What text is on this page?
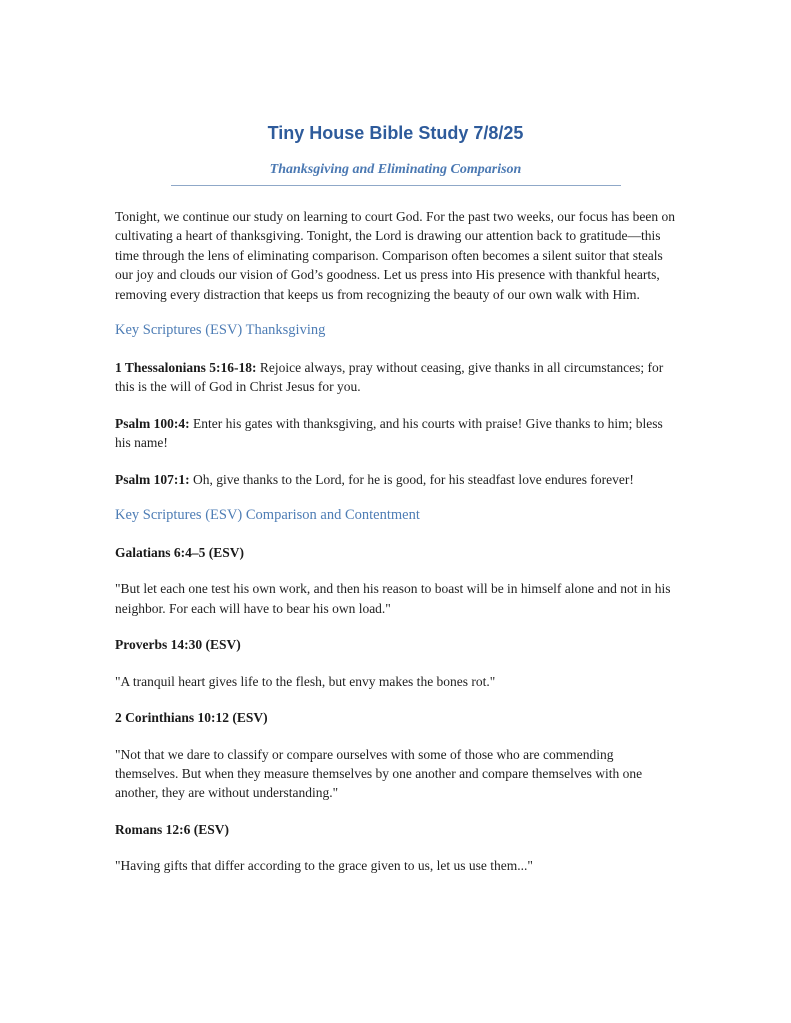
Tiny House Bible Study 7/8/25
Thanksgiving and Eliminating Comparison

Tonight, we continue our study on learning to court God. For the past two weeks, our focus has been on cultivating a heart of thanksgiving. Tonight, the Lord is drawing our attention back to gratitude—this time through the lens of eliminating comparison. Comparison often becomes a silent suitor that steals our joy and clouds our vision of God’s goodness. Let us press into His presence with thankful hearts, removing every distraction that keeps us from recognizing the beauty of our own walk with Him.

Key Scriptures (ESV) Thanksgiving

1 Thessalonians 5:16-18: Rejoice always, pray without ceasing, give thanks in all circumstances; for this is the will of God in Christ Jesus for you.

Psalm 100:4: Enter his gates with thanksgiving, and his courts with praise! Give thanks to him; bless his name!

Psalm 107:1: Oh, give thanks to the Lord, for he is good, for his steadfast love endures forever!

Key Scriptures (ESV) Comparison and Contentment

Galatians 6:4–5 (ESV)

"But let each one test his own work, and then his reason to boast will be in himself alone and not in his neighbor. For each will have to bear his own load."

Proverbs 14:30 (ESV)

"A tranquil heart gives life to the flesh, but envy makes the bones rot."

2 Corinthians 10:12 (ESV)

"Not that we dare to classify or compare ourselves with some of those who are commending themselves. But when they measure themselves by one another and compare themselves with one another, they are without understanding."

Romans 12:6 (ESV)

"Having gifts that differ according to the grace given to us, let us use them..."
